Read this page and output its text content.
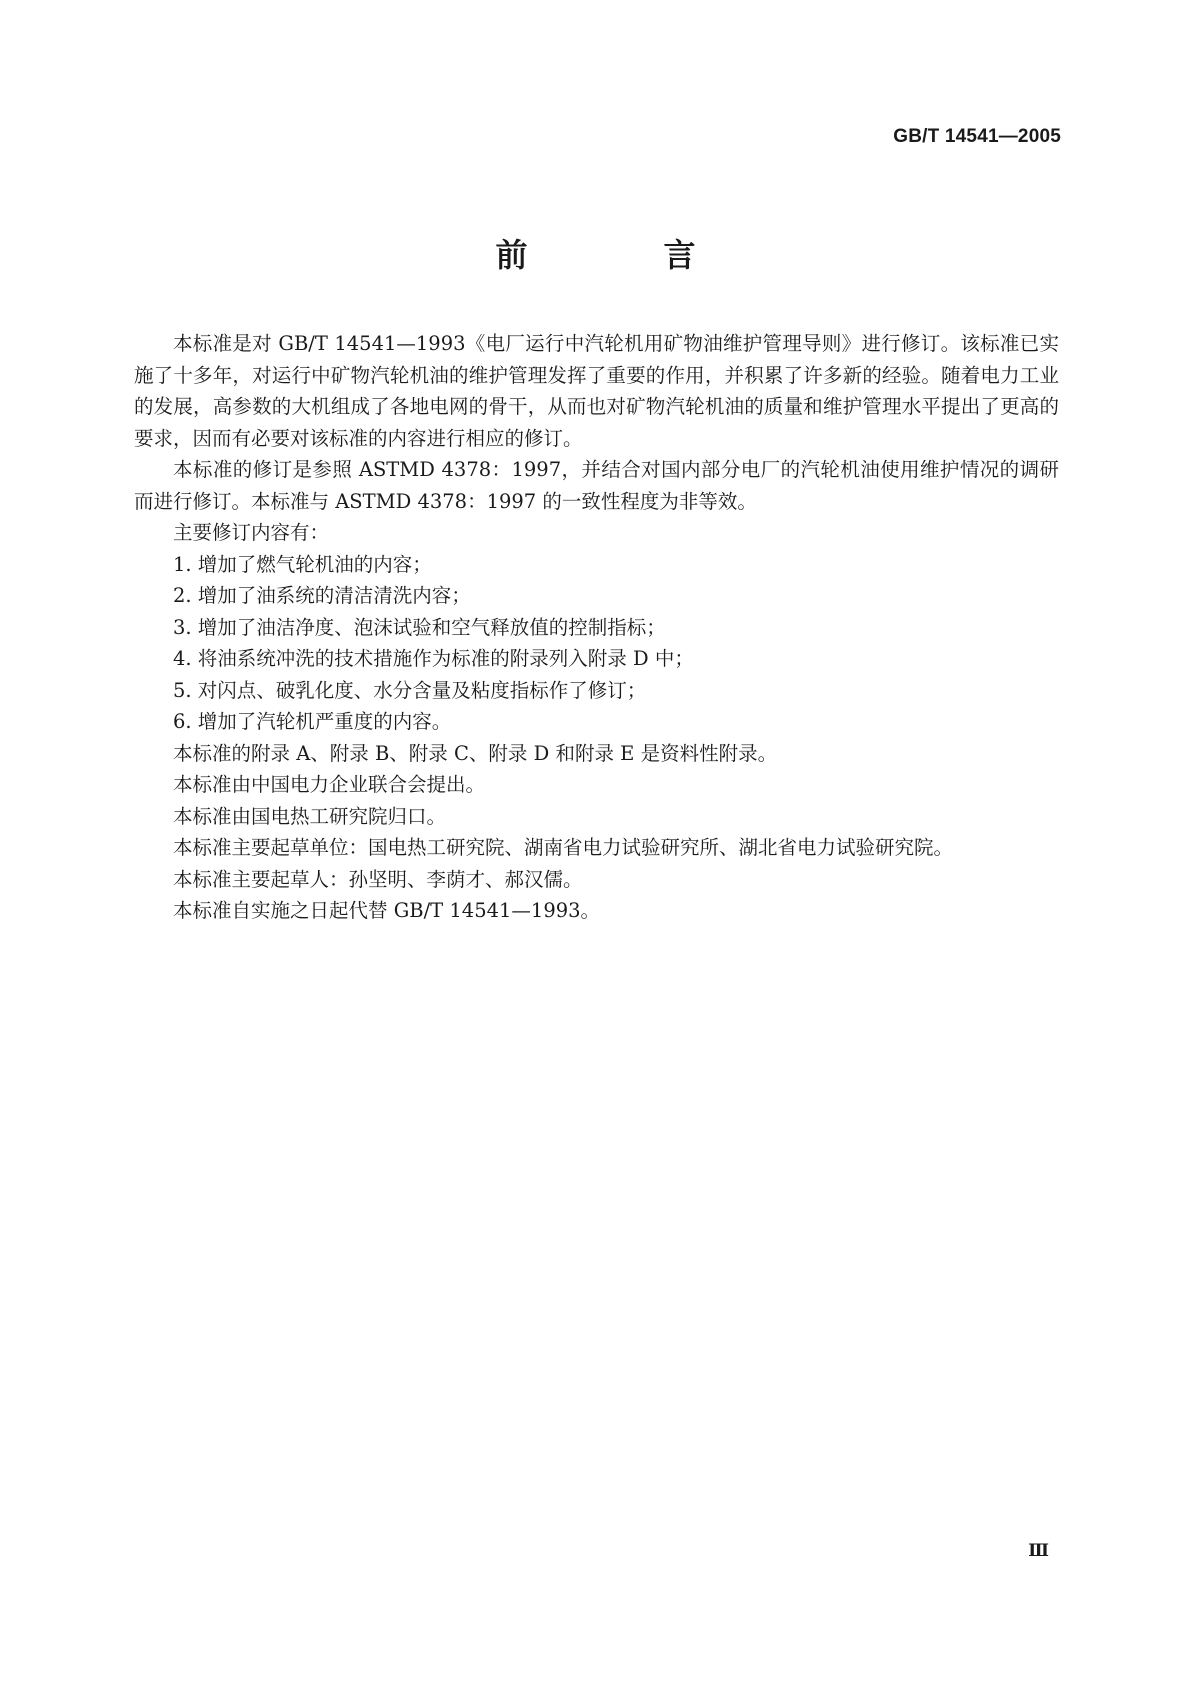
GB/T 14541—2005
前　言

本标准是对 GB/T 14541—1993《电厂运行中汽轮机用矿物油维护管理导则》进行修订。该标准已实施了十多年，对运行中矿物汽轮机油的维护管理发挥了重要的作用，并积累了许多新的经验。随着电力工业的发展，高参数的大机组成了各地电网的骨干，从而也对矿物汽轮机油的质量和维护管理水平提出了更高的要求，因而有必要对该标准的内容进行相应的修订。

本标准的修订是参照 ASTMD 4378：1997，并结合对国内部分电厂的汽轮机油使用维护情况的调研而进行修订。本标准与 ASTMD 4378：1997 的一致性程度为非等效。

主要修订内容有：

1. 增加了燃气轮机油的内容；
2. 增加了油系统的清洁清洗内容；
3. 增加了油洁净度、泡沫试验和空气释放值的控制指标；
4. 将油系统冲洗的技术措施作为标准的附录列入附录 D 中；
5. 对闪点、破乳化度、水分含量及粘度指标作了修订；
6. 增加了汽轮机严重度的内容。

本标准的附录 A、附录 B、附录 C、附录 D 和附录 E 是资料性附录。

本标准由中国电力企业联合会提出。

本标准由国电热工研究院归口。

本标准主要起草单位：国电热工研究院、湖南省电力试验研究所、湖北省电力试验研究院。

本标准主要起草人：孙坚明、李荫才、郝汉儒。

本标准自实施之日起代替 GB/T 14541—1993。

Ⅲ
